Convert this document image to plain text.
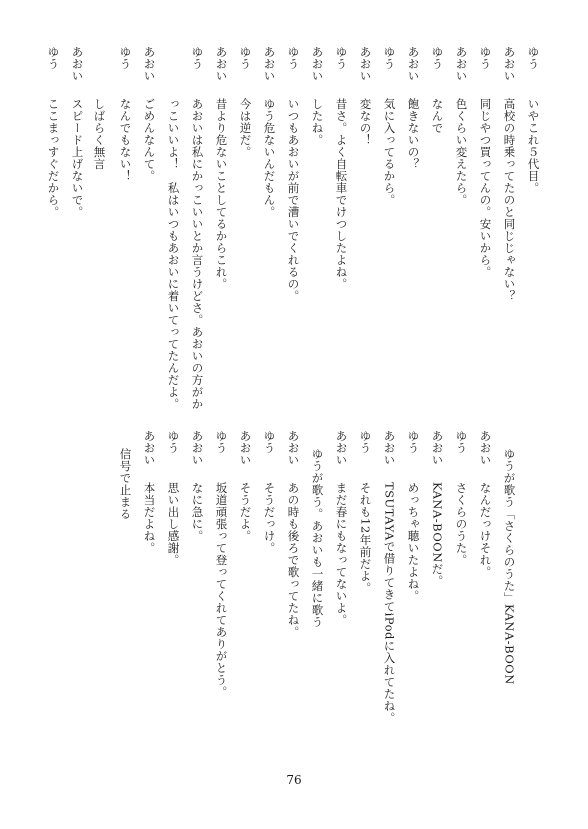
ゆう
いやこれ５代目。
あおい
高校の時乗ってたのと同じじゃない？
ゆう
同じやつ買ってんの。安いから。
あおい
色くらい変えたら。
ゆう
なんで
あおい
飽きないの？
ゆう
気に入ってるから。
あおい
変なの！
ゆう
昔さ。よく自転車でけつしたよね。
あおい
したね。
ゆう
いつもあおいが前で漕いでくれるの。
あおい
ゆう危ないんだもん。
ゆう
今は逆だ。
あおい
昔より危ないことしてるからこれ。
ゆう
あおいは私にかっこいいとか言うけどさ。あおいの方がか
っこいいよ！　私はいつもあおいに着いてってたんだよ。
あおい
ごめんなんて。
ゆう
なんでもない！
しばらく無言
あおい
スピード上げないで。
ゆう
ここまっすぐだから。
ゆうが歌う「さくらのうた」KANA-BOON
あおい
なんだっけそれ。
ゆう
さくらのうた。
あおい
KANA-BOONだ。
ゆう
めっちゃ聴いたよね。
あおい
TSUTAYAで借りてきてiPodに入れてたね。
ゆう
それも12年前だよ。
あおい
まだ春にもなってないよ。
ゆうが歌う。あおいも一緒に歌う
あおい
あの時も後ろで歌ってたね。
ゆう
そうだっけ。
あおい
そうだよ。
ゆう
坂道頑張って登ってくれてありがとう。
あおい
なに急に。
ゆう
思い出し感謝。
あおい
本当だよね。
信号で止まる
76
